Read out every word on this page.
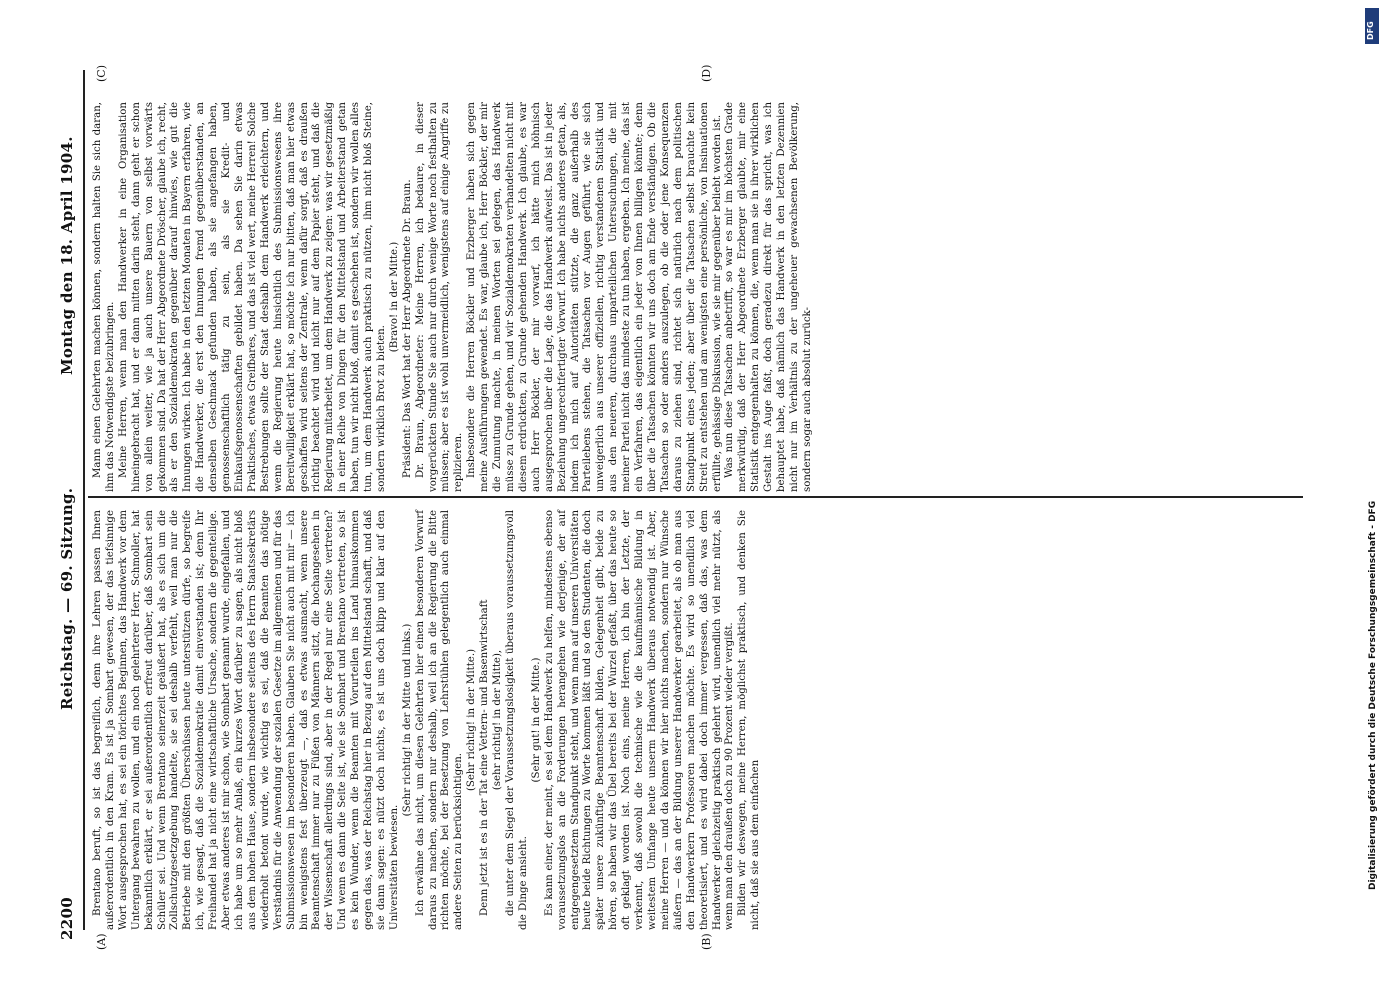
2200
Reichstag. — 69. Sitzung.
Montag den 18. April 1904.
(A)	(B)
(C)	(D)

Brentano beruft, so ist das begreiflich, denn ihre Lehren passen Ihnen außerordentlich in den Kram. Es ist ja Sombart gewesen, der das tiefsinnige Wort ausgesprochen hat, es sei ein törichtes Beginnen, das Handwerk vor dem Untergang bewahren zu wollen, und ein noch gelehrterer Herr, Schmoller, hat bekanntlich erklärt, er sei außerordentlich erfreut darüber, daß Sombart sein Schüler sei. Und wenn Brentano seinerzeit geäußert hat, als es sich um die Zollschutzgesetzgebung handelte, sie sei deshalb verfehlt, weil man nur die Betriebe mit den größten Überschüssen heute unterstützen dürfe, so begreife ich, wie gesagt, daß die Sozialdemokratie damit einverstanden ist; denn Ihr Freihandel hat ja nicht eine wirtschaftliche Ursache, sondern die gegenteilige. Aber etwas anderes ist mir schon, wie Sombart genannt wurde, eingefallen, und ich habe um so mehr Anlaß, ein kurzes Wort darüber zu sagen, als nicht bloß aus dem hohen Hause, sondern insbesondere seitens des Herrn Staatssekretärs wiederholt betont wurde, wie wichtig es sei, daß die Beamten das nötige Verständnis für die Anwendung der sozialen Gesetze im allgemeinen und für das Submissionswesen im besonderen haben. Glauben Sie nicht auch mit mir — ich bin wenigstens fest überzeugt —, daß es etwas ausmacht, wenn unsere Beamtenschaft immer nur zu Füßen von Männern sitzt, die hochangesehen in der Wissenschaft allerdings sind, aber in der Regel nur eine Seite vertreten? Und wenn es dann die Seite ist, wie sie Sombart und Brentano vertreten, so ist es kein Wunder, wenn die Beamten mit Vorurteilen ins Land hinauskommen gegen das, was der Reichstag hier in Bezug auf den Mittelstand schafft, und daß sie dann sagen: es nützt doch nichts, es ist uns doch klipp und klar auf den Universitäten bewiesen.

(Sehr richtig! in der Mitte und links.) Ich erwähne das nicht, um diesen Gelehrten hier einen besonderen Vorwurf daraus zu machen, sondern nur deshalb, weil ich an die Regierung die Bitte richten möchte, bei der Besetzung von Lehrstühlen gelegentlich auch einmal andere Seiten zu berücksichtigen.

(Sehr richtig! in der Mitte.) Denn jetzt ist es in der Tat eine Vettern- und Basenwirtschaft (sehr richtig! in der Mitte), die unter dem Siegel der Voraussetzungslosigkeit überaus voraussetzungsvoll die Dinge ansieht.

(Sehr gut! in der Mitte.) Es kann einer, der meint, es sei dem Handwerk zu helfen, mindestens ebenso voraussetzungslos an die Forderungen herangehen wie derjenige, der auf entgegengesetztem Standpunkt steht, und wenn man auf unseren Universitäten heute beide Richtungen zu Worte kommen läßt und so den Studenten, die doch später unsere zukünftige Beamtenschaft bilden, Gelegenheit gibt, beide zu hören, so haben wir das Übel bereits bei der Wurzel gefaßt, über das heute so oft geklagt worden ist. Noch eins, meine Herren, ich bin der Letzte, der verkennt, daß sowohl die technische wie die kaufmännische Bildung in weitestem Umfange heute unserm Handwerk überaus notwendig ist. Aber, meine Herren — und da können wir hier nichts machen, sondern nur Wünsche äußern — das an der Bildung unserer Handwerker gearbeitet, als ob man aus den Handwerkern Professoren machen möchte. Es wird so unendlich viel theoretisiert, und es wird dabei doch immer vergessen, daß das, was dem Handwerker gleichzeitig praktisch gelehrt wird, unendlich viel mehr nützt, als wenn man den draußen doch zu 90 Prozent wieder vergißt. Bilden wir deswegen, meine Herren, möglichst praktisch, und denken Sie nicht, daß sie aus dem einfachen

Mann einen Gelehrten machen können, sondern halten Sie sich daran, ihm das Notwendigste beizubringen. Meine Herren, wenn man den Handwerker in eine Organisation hineingebracht hat, und er dann mitten darin steht, dann geht er schon von allein weiter, wie ja auch unsere Bauern von selbst vorwärts gekommen sind. Da hat der Herr Abgeordnete Dröscher, glaube ich, recht, als er den Sozialdemokraten gegenüber darauf hinwies, wie gut die Innungen wirken. Ich habe in den letzten Monaten in Bayern erfahren, wie die Handwerker, die erst den Innungen fremd gegenüberstanden, an denselben Geschmack gefunden haben, als sie angefangen haben, genossenschaftlich tätig zu sein, als sie Kredit- und Einkaufsgenossenschaften gebildet haben. Da sehen Sie darin etwas Praktisches, etwas Greifbares, und das ist viel wert, meine Herren! Solche Bestrebungen sollte der Staat deshalb dem Handwerk erleichtern, und wenn die Regierung heute hinsichtlich des Submissionswesens ihre Bereitwilligkeit erklärt hat, so möchte ich nur bitten, daß man hier etwas geschaffen wird seitens der Zentrale, wenn dafür sorgt, daß es draußen richtig beachtet wird und nicht nur auf dem Papier steht, und daß die Regierung mitarbeitet, um dem Handwerk zu zeigen: was wir gesetzmäßig in einer Reihe von Dingen für den Mittelstand und Arbeiterstand getan haben, tun wir nicht bloß, damit es geschehen ist, sondern wir wollen alles tun, um dem Handwerk auch praktisch zu nützen, ihm nicht bloß Steine, sondern wirklich Brot zu bieten.

(Bravo! in der Mitte.) Präsident: Das Wort hat der Herr Abgeordnete Dr. Braun. Dr. Braun, Abgeordneter: Meine Herren, ich bedaure, in dieser vorgerückten Stunde Sie auch nur durch wenige Worte noch festhalten zu müssen; aber es ist wohl unvermeidlich, wenigstens auf einige Angriffe zu replizieren. Insbesondere die Herren Böckler und Erzberger haben sich gegen meine Ausführungen gewendet. Es war, glaube ich, Herr Böckler, der mir die Zumutung machte, in meinen Worten sei gelegen, das Handwerk müsse zu Grunde gehen, und wir Sozialdemokraten verhandelten nicht mit diesem erdrückten, zu Grunde gehenden Handwerk. Ich glaube, es war auch Herr Böckler, der mir vorwarf, ich hätte mich höhnisch ausgesprochen über die Lage, die das Handwerk aufweist. Das ist in jeder Beziehung ungerechtfertigter Vorwurf. Ich habe nichts anderes getan, als, indem ich mich auf Autoritäten stützte, die ganz außerhalb des Parteilebens stehen, die Tatsachen vor Augen geführt, wie sie sich unweigerlich aus unserer offiziellen, richtig verstandenen Statistik und aus den neueren, durchaus unparteilichen Untersuchungen, die mit meiner Partei nicht das mindeste zu tun haben, ergeben. Ich meine, das ist ein Verfahren, das eigentlich ein jeder von Ihnen billigen könnte; denn über die Tatsachen könnten wir uns doch am Ende verständigen. Ob die Tatsachen so oder anders auszulegen, ob die oder jene Konsequenzen daraus zu ziehen sind, richtet sich natürlich nach dem politischen Standpunkt eines jeden; aber über die Tatsachen selbst brauchte kein Streit zu entstehen und am wenigsten eine persönliche, von Insinuationen erfüllte, gehässige Diskussion, wie sie mir gegenüber beliebt worden ist. Was nun diese Tatsachen anbetrifft, so war es mir im höchsten Grade merkwürdig, daß der Herr Abgeordnete Erzberger glaubte, mir eine Statistik entgegenhalten zu können, die, wenn man sie in ihrer wirklichen Gestalt ins Auge faßt, doch geradezu direkt für das spricht, was ich behauptet habe, daß nämlich das Handwerk in den letzten Dezennien nicht nur im Verhältnis zu der ungeheuer gewachsenen Bevölkerung, sondern sogar auch absolut zurück-

Digitalisierung gefördert durch die Deutsche Forschungsgemeinschaft - DFG
DFG
